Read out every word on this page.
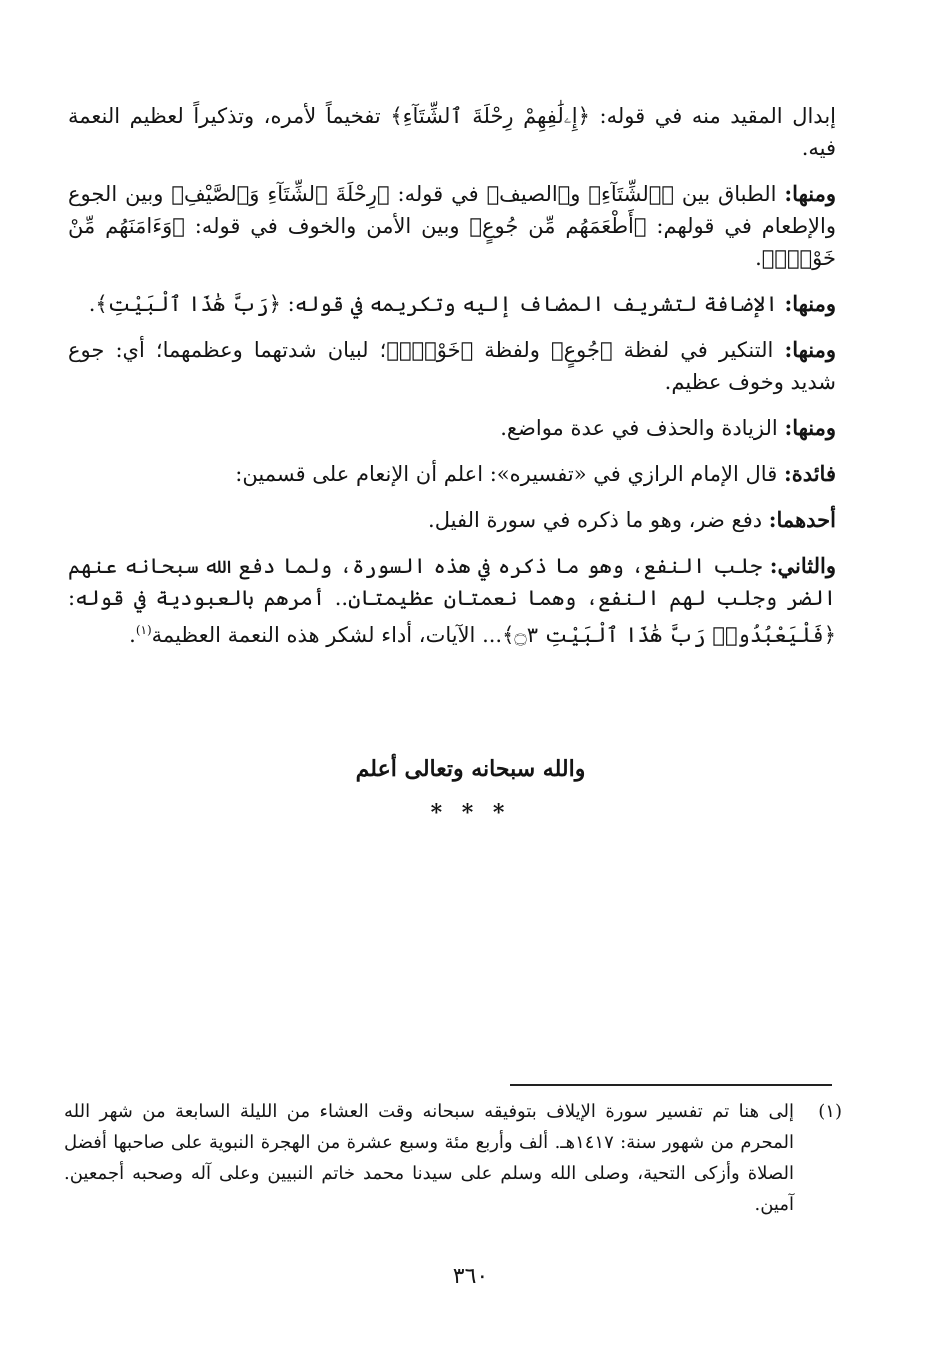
إبدال المقيد منه في قوله: ﴿إِۦلَٰفِهِمْ رِحْلَةَ ٱلشِّتَآءِ﴾ تفخيماً لأمره، وتذكيراً لعظيم النعمة فيه.

ومنها: الطباق بين ﴿ٱلشِّتَآءِ﴾ و﴿الصيف﴾ في قوله: ﴿رِحْلَةَ ٱلشِّتَآءِ وَٱلصَّيْفِ﴾ وبين الجوع والإطعام في قولهم: ﴿أَطْعَمَهُم مِّن جُوعٍ﴾ وبين الأمن والخوف في قوله: ﴿وَءَامَنَهُم مِّنْ خَوْفٍۭ﴾.

ومنها: الإضافة لتشريف المضاف إليه وتكريمه في قوله: ﴿رَبَّ هَٰذَا ٱلْبَيْتِ﴾.

ومنها: التنكير في لفظة ﴿جُوعٍ﴾ ولفظة ﴿خَوْفٍۭ﴾؛ لبيان شدتهما وعظمهما؛ أي: جوع شديد وخوف عظيم.

ومنها: الزيادة والحذف في عدة مواضع.

فائدة: قال الإمام الرازي في «تفسيره»: اعلم أن الإنعام على قسمين:

أحدهما: دفع ضر، وهو ما ذكره في سورة الفيل.

والثاني: جلب النفع، وهو ما ذكره في هذه السورة، ولما دفع الله سبحانه عنهم الضر وجلب لهم النفع، وهما نعمتان عظيمتان.. أمرهم بالعبودية في قوله: ﴿فَلْيَعْبُدُوا۟ رَبَّ هَٰذَا ٱلْبَيْتِ ۝٣﴾... الآيات، أداء لشكر هذه النعمة العظيمة$^{(١)}$.

والله سبحانه وتعالى أعلم
* * *
(١)
إلى هنا تم تفسير سورة الإيلاف بتوفيقه سبحانه وقت العشاء من الليلة السابعة من شهر الله المحرم من شهور سنة: ١٤١٧هـ. ألف وأربع مئة وسبع عشرة من الهجرة النبوية على صاحبها أفضل الصلاة وأزكى التحية، وصلى الله وسلم على سيدنا محمد خاتم النبيين وعلى آله وصحبه أجمعين. آمين.
٣٦٠
